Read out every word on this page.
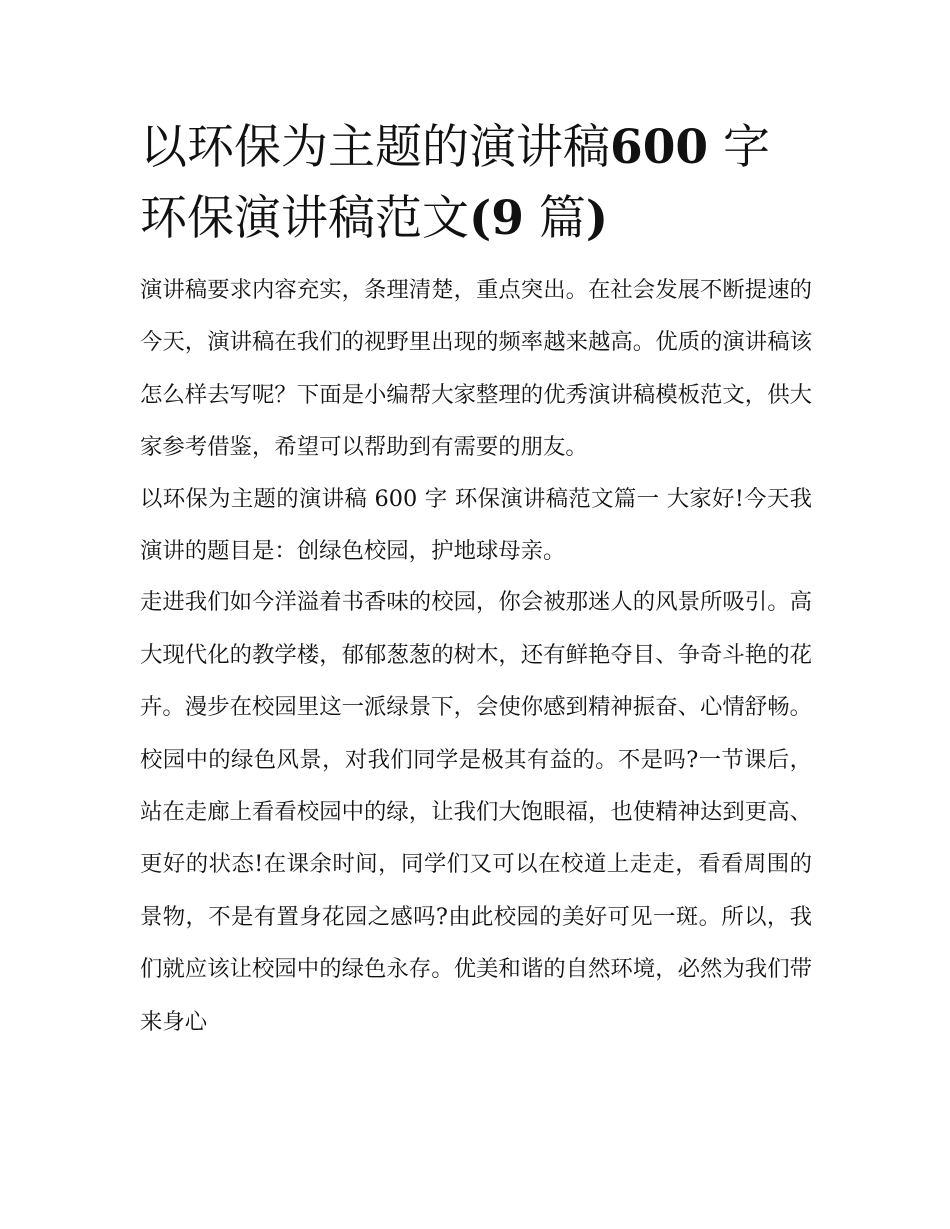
以环保为主题的演讲稿600 字
环保演讲稿范文(9 篇)

演讲稿要求内容充实，条理清楚，重点突出。在社会发展不断提速的今天，演讲稿在我们的视野里出现的频率越来越高。优质的演讲稿该怎么样去写呢？下面是小编帮大家整理的优秀演讲稿模板范文，供大家参考借鉴，希望可以帮助到有需要的朋友。

以环保为主题的演讲稿 600 字 环保演讲稿范文篇一 大家好!今天我演讲的题目是：创绿色校园，护地球母亲。

走进我们如今洋溢着书香味的校园，你会被那迷人的风景所吸引。高大现代化的教学楼，郁郁葱葱的树木，还有鲜艳夺目、争奇斗艳的花卉。漫步在校园里这一派绿景下，会使你感到精神振奋、心情舒畅。校园中的绿色风景，对我们同学是极其有益的。不是吗?一节课后，站在走廊上看看校园中的绿，让我们大饱眼福，也使精神达到更高、更好的状态!在课余时间，同学们又可以在校道上走走，看看周围的景物，不是有置身花园之感吗?由此校园的美好可见一斑。所以，我们就应该让校园中的绿色永存。优美和谐的自然环境，必然为我们带来身心
